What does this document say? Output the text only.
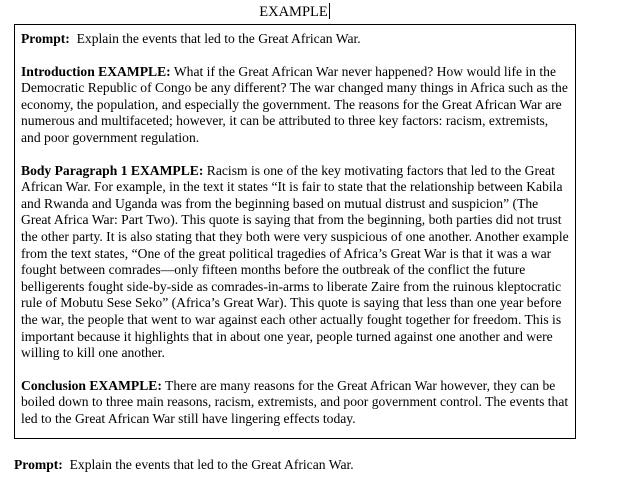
EXAMPLE

Prompt: Explain the events that led to the Great African War.

Introduction EXAMPLE: What if the Great African War never happened? How would life in the Democratic Republic of Congo be any different? The war changed many things in Africa such as the economy, the population, and especially the government. The reasons for the Great African War are numerous and multifaceted; however, it can be attributed to three key factors: racism, extremists, and poor government regulation.

Body Paragraph 1 EXAMPLE: Racism is one of the key motivating factors that led to the Great African War. For example, in the text it states “It is fair to state that the relationship between Kabila and Rwanda and Uganda was from the beginning based on mutual distrust and suspicion” (The Great Africa War: Part Two). This quote is saying that from the beginning, both parties did not trust the other party. It is also stating that they both were very suspicious of one another. Another example from the text states, “One of the great political tragedies of Africa’s Great War is that it was a war fought between comrades—only fifteen months before the outbreak of the conflict the future belligerents fought side-by-side as comrades-in-arms to liberate Zaire from the ruinous kleptocratic rule of Mobutu Sese Seko” (Africa’s Great War). This quote is saying that less than one year before the war, the people that went to war against each other actually fought together for freedom. This is important because it highlights that in about one year, people turned against one another and were willing to kill one another.

Conclusion EXAMPLE: There are many reasons for the Great African War however, they can be boiled down to three main reasons, racism, extremists, and poor government control. The events that led to the Great African War still have lingering effects today.

Prompt: Explain the events that led to the Great African War.
